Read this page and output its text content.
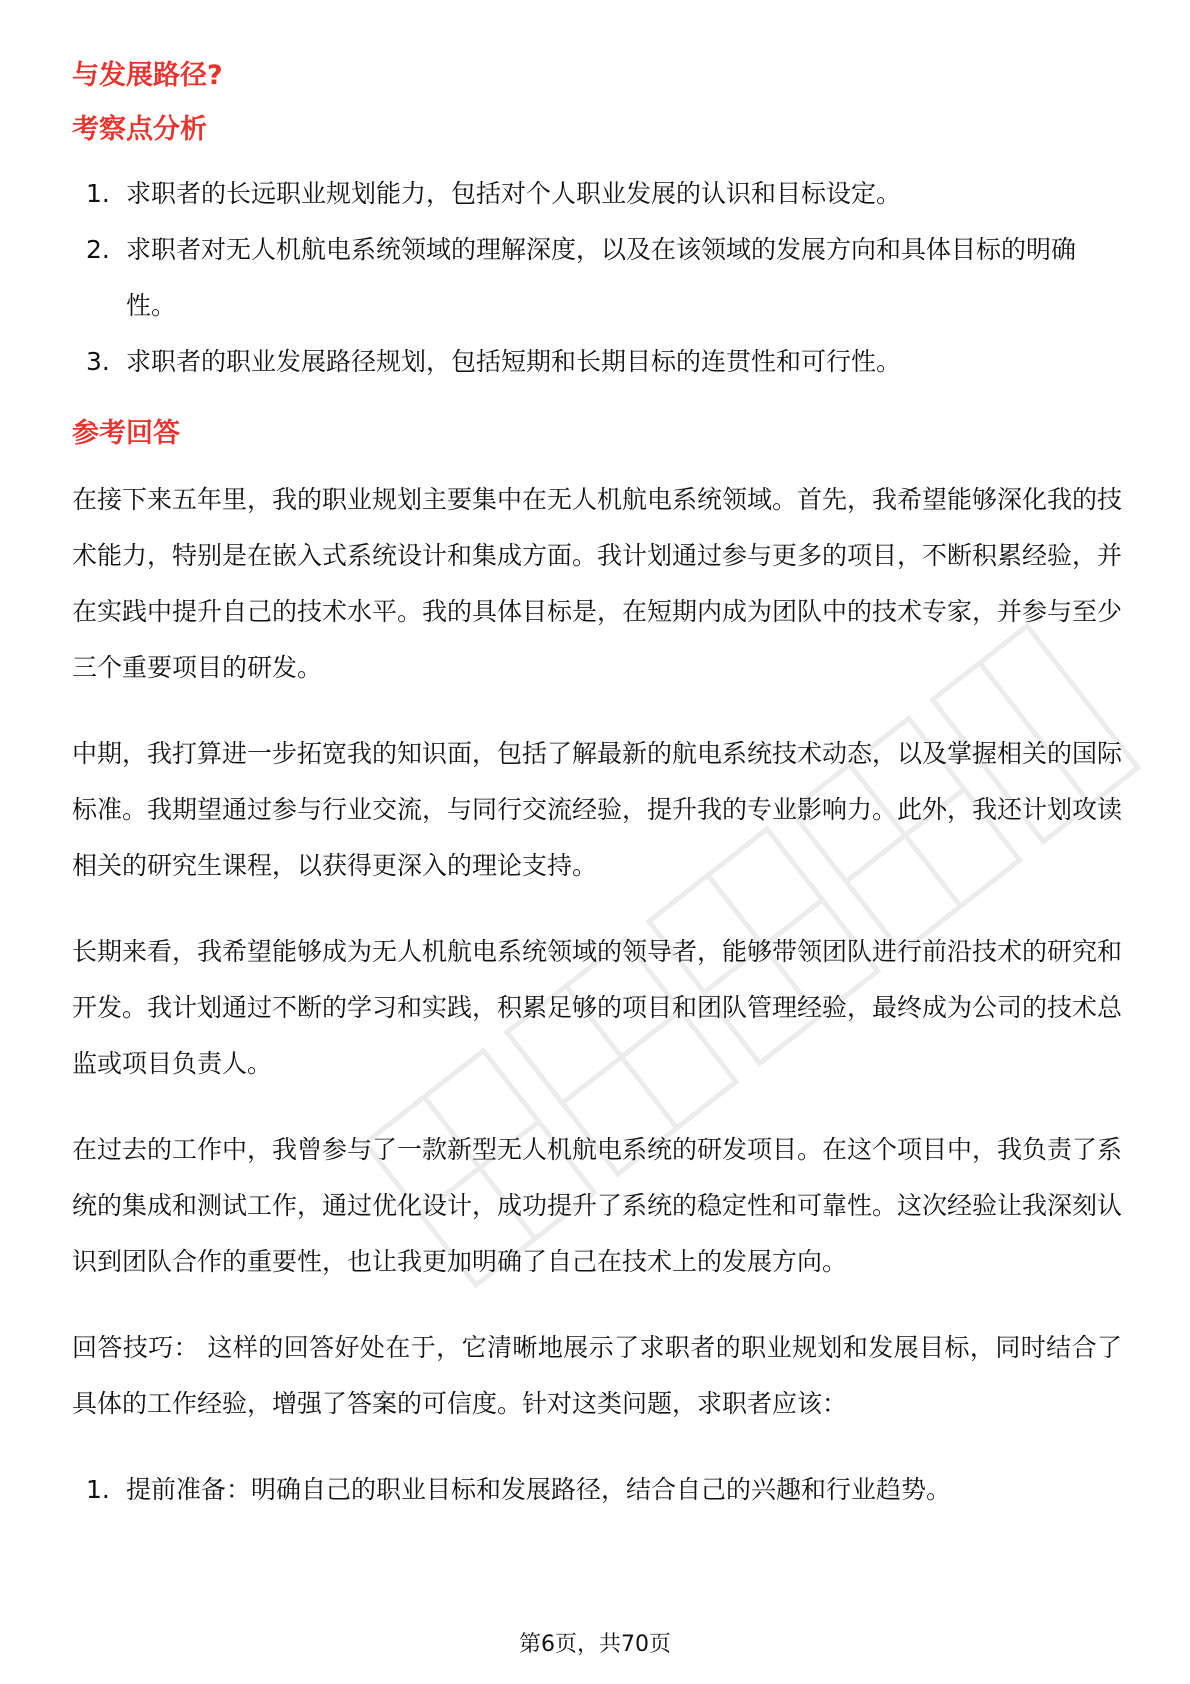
与发展路径?
考察点分析
1. 求职者的长远职业规划能力，包括对个人职业发展的认识和目标设定。
2. 求职者对无人机航电系统领域的理解深度，以及在该领域的发展方向和具体目标的明确性。
3. 求职者的职业发展路径规划，包括短期和长期目标的连贯性和可行性。
参考回答

在接下来五年里，我的职业规划主要集中在无人机航电系统领域。首先，我希望能够深化我的技术能力，特别是在嵌入式系统设计和集成方面。我计划通过参与更多的项目，不断积累经验，并在实践中提升自己的技术水平。我的具体目标是，在短期内成为团队中的技术专家，并参与至少三个重要项目的研发。

中期，我打算进一步拓宽我的知识面，包括了解最新的航电系统技术动态，以及掌握相关的国际标准。我期望通过参与行业交流，与同行交流经验，提升我的专业影响力。此外，我还计划攻读相关的研究生课程，以获得更深入的理论支持。

长期来看，我希望能够成为无人机航电系统领域的领导者，能够带领团队进行前沿技术的研究和开发。我计划通过不断的学习和实践，积累足够的项目和团队管理经验，最终成为公司的技术总监或项目负责人。

在过去的工作中，我曾参与了一款新型无人机航电系统的研发项目。在这个项目中，我负责了系统的集成和测试工作，通过优化设计，成功提升了系统的稳定性和可靠性。这次经验让我深刻认识到团队合作的重要性，也让我更加明确了自己在技术上的发展方向。

回答技巧： 这样的回答好处在于，它清晰地展示了求职者的职业规划和发展目标，同时结合了具体的工作经验，增强了答案的可信度。针对这类问题，求职者应该：

1. 提前准备：明确自己的职业目标和发展路径，结合自己的兴趣和行业趋势。
第6页，共70页
